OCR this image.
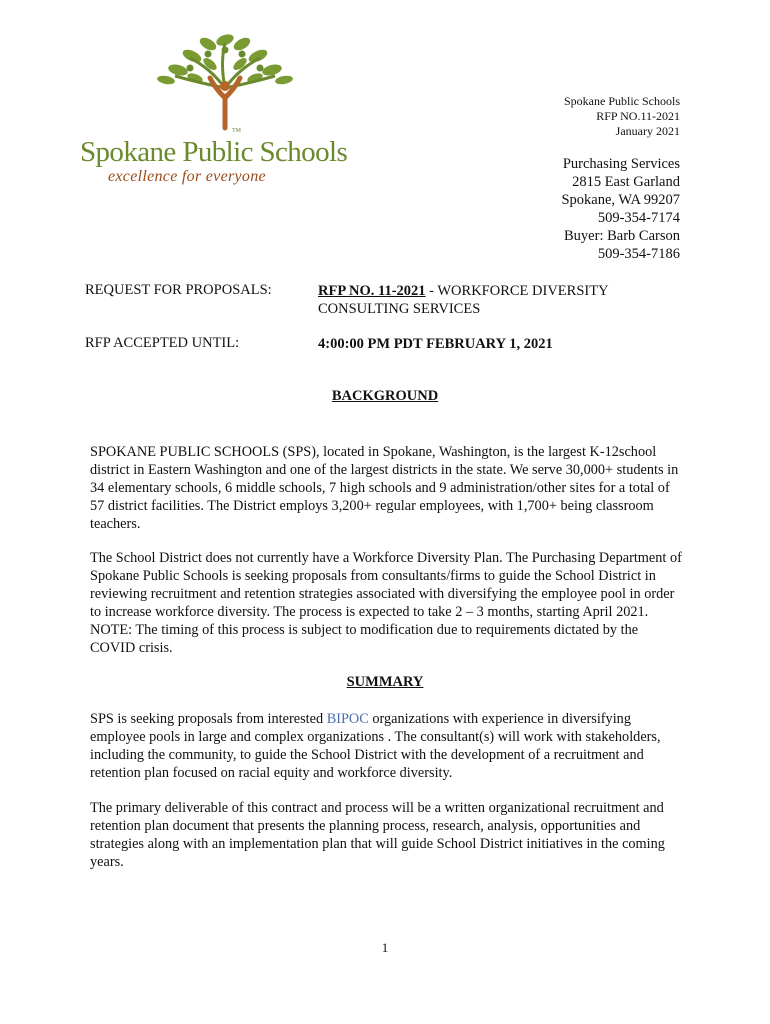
TM
Spokane Public Schools
excellence for everyone
Spokane Public Schools
RFP NO.11-2021
January 2021
Purchasing Services
2815 East Garland
Spokane, WA 99207
509-354-7174
Buyer: Barb Carson
509-354-7186
REQUEST FOR PROPOSALS:	RFP NO. 11-2021 - WORKFORCE DIVERSITY CONSULTING SERVICES
RFP ACCEPTED UNTIL:	4:00:00 PM PDT FEBRUARY 1, 2021
BACKGROUND
SPOKANE PUBLIC SCHOOLS (SPS), located in Spokane, Washington, is the largest K-12school district in Eastern Washington and one of the largest districts in the state. We serve 30,000+ students in 34 elementary schools, 6 middle schools, 7 high schools and 9 administration/other sites for a total of 57 district facilities. The District employs 3,200+ regular employees, with 1,700+ being classroom teachers.
The School District does not currently have a Workforce Diversity Plan. The Purchasing Department of Spokane Public Schools is seeking proposals from consultants/firms to guide the School District in reviewing recruitment and retention strategies associated with diversifying the employee pool in order to increase workforce diversity. The process is expected to take 2 – 3 months, starting April 2021. NOTE: The timing of this process is subject to modification due to requirements dictated by the COVID crisis.
SUMMARY
SPS is seeking proposals from interested BIPOC organizations with experience in diversifying employee pools in large and complex organizations . The consultant(s) will work with stakeholders, including the community, to guide the School District with the development of a recruitment and retention plan focused on racial equity and workforce diversity.
The primary deliverable of this contract and process will be a written organizational recruitment and retention plan document that presents the planning process, research, analysis, opportunities and strategies along with an implementation plan that will guide School District initiatives in the coming years.
1
